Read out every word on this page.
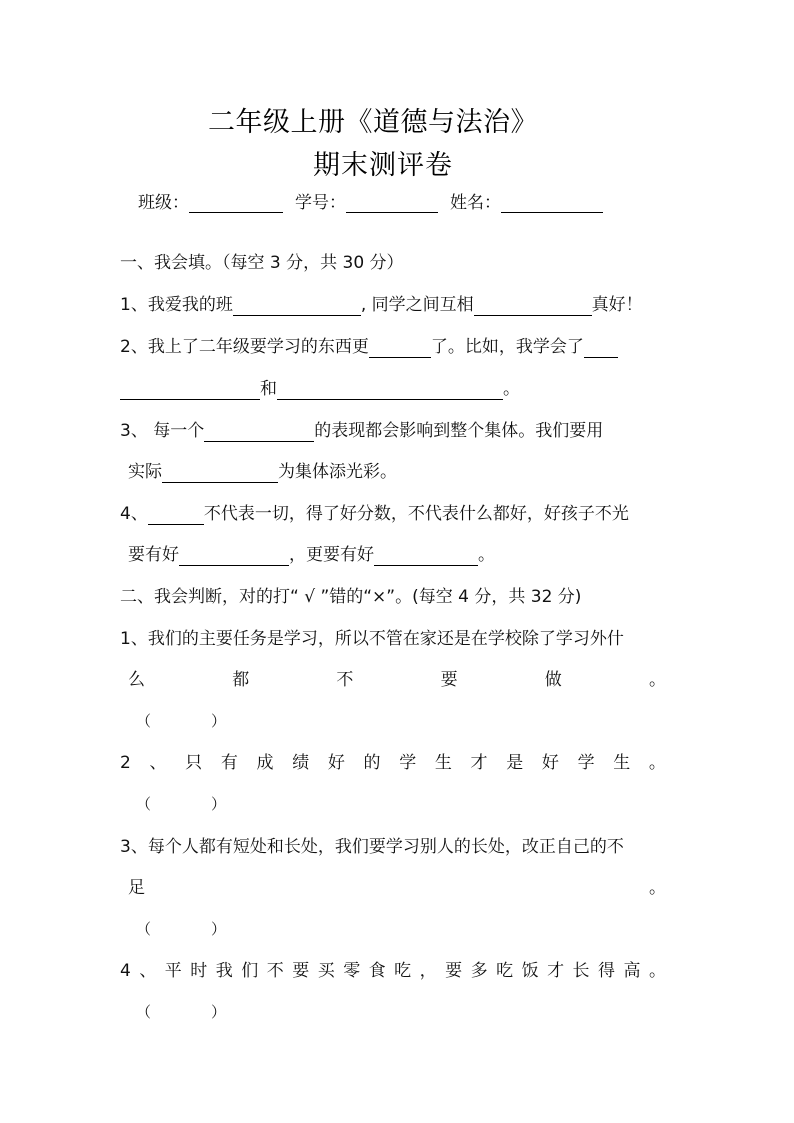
二年级上册《道德与法治》
期末测评卷
班级：	学号：	姓名：
一、我会填。（每空 3 分，共 30 分）
1、我爱我的班	, 同学之间互相	真好！
2、我上了二年级要学习的东西更	了。比如，我学会了
和	。
3、 每一个	的表现都会影响到整个集体。我们要用
实际	为集体添光彩。
4、	不代表一切，得了好分数，不代表什么都好，好孩子不光
要有好	，更要有好	。
二、我会判断，对的打“ √ ”错的“×”。(每空 4 分，共 32 分)
1、我们的主要任务是学习，所以不管在家还是在学校除了学习外什
么	都	不	要	做	。
（	）
2 、 只 有 成 绩 好 的 学 生 才 是 好 学 生 。
（	）
3、每个人都有短处和长处，我们要学习别人的长处，改正自己的不
足	。
（	）
4 、 平 时 我 们 不 要 买 零 食 吃 ， 要 多 吃 饭 才 长 得 高 。
（	）
